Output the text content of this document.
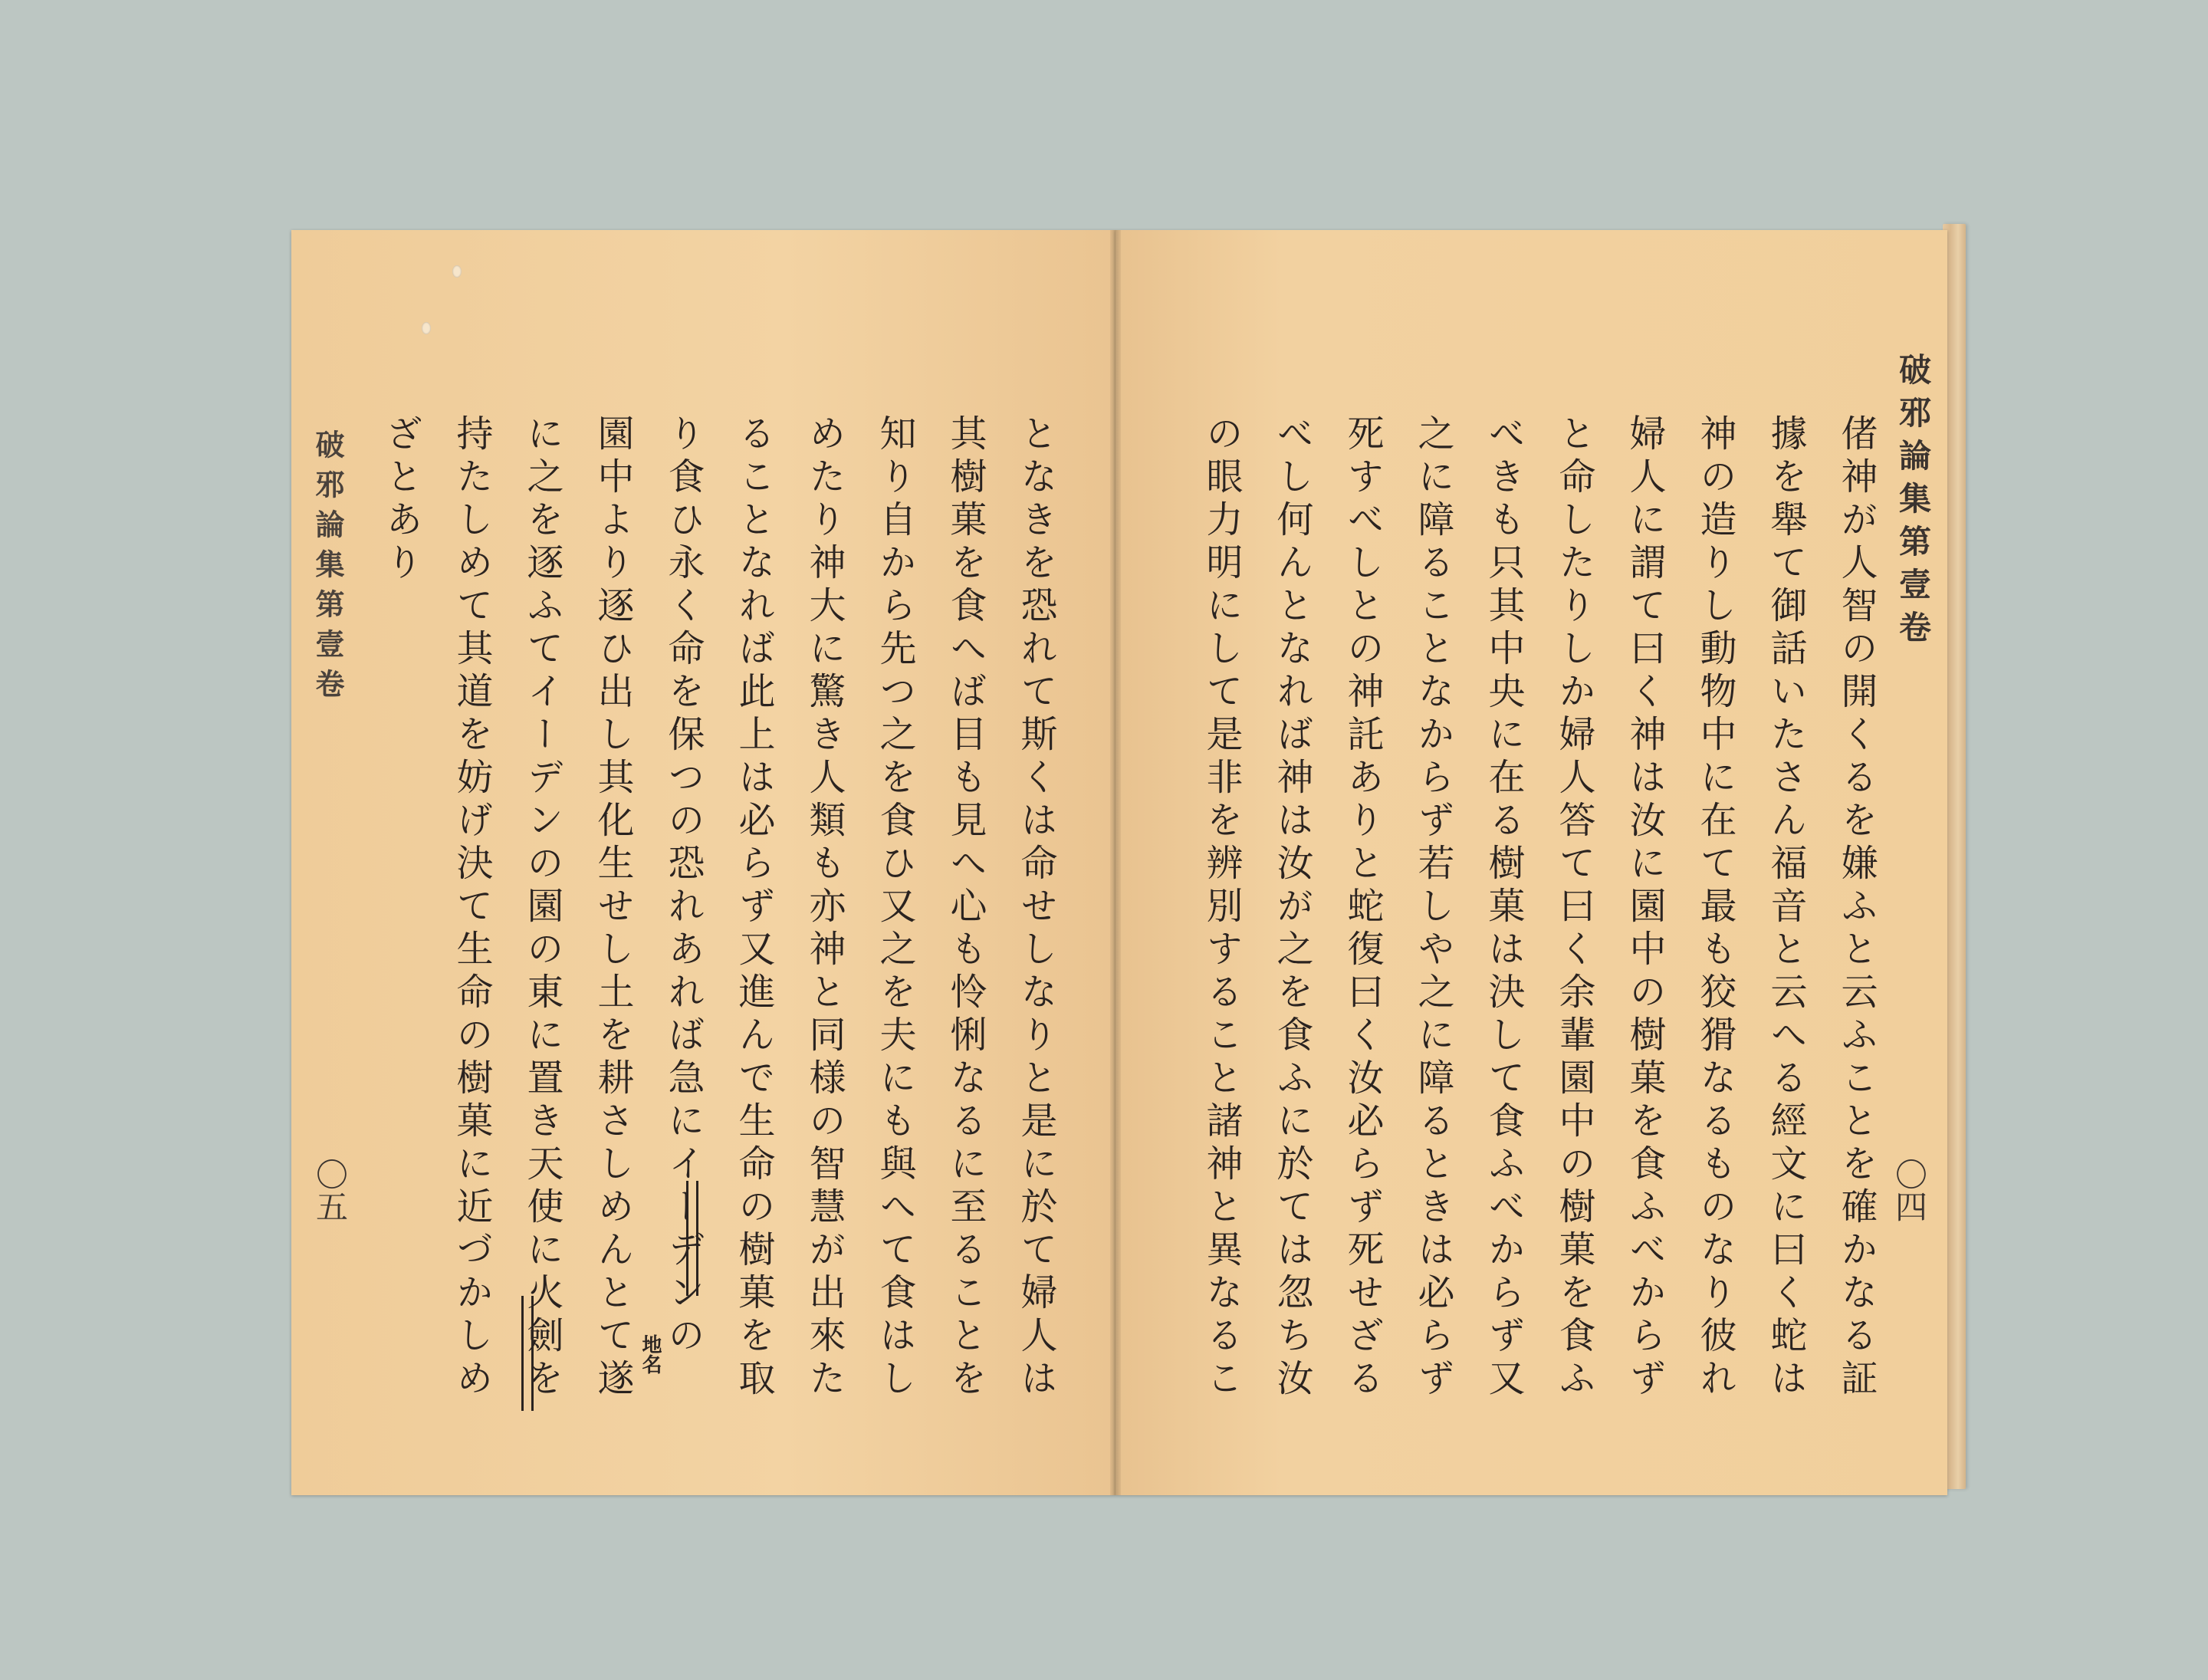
となきを恐れて斯くは命せしなりと是に於て婦人は
其樹菓を食へば目も見へ心も怜悧なるに至ることを
知り自から先つ之を食ひ又之を夫にも與へて食はし
めたり神大に驚き人類も亦神と同様の智慧が出來た
ることなれば此上は必らず又進んで生命の樹菓を取
り食ひ永く命を保つの恐れあれば急にイーデンの
園中より逐ひ出し其化生せし土を耕さしめんとて遂
に之を逐ふてイーデンの園の東に置き天使に火劍を
持たしめて其道を妨げ決て生命の樹菓に近づかしめ
ざとあり
地名
破邪論集第壹卷
〇五	偖神が人智の開くるを嫌ふと云ふことを確かなる証
據を舉て御話いたさん福音と云へる經文に曰く蛇は
神の造りし動物中に在て最も狡猾なるものなり彼れ
婦人に謂て曰く神は汝に園中の樹菓を食ふべからず
と命したりしか婦人答て曰く余輩園中の樹菓を食ふ
べきも只其中央に在る樹菓は決して食ふべからず又
之に障ることなからず若しや之に障るときは必らず
死すべしとの神託ありと蛇復曰く汝必らず死せざる
べし何んとなれば神は汝が之を食ふに於ては忽ち汝
の眼力明にして是非を辨別すること諸神と異なるこ	破邪論集第壹卷
〇四
